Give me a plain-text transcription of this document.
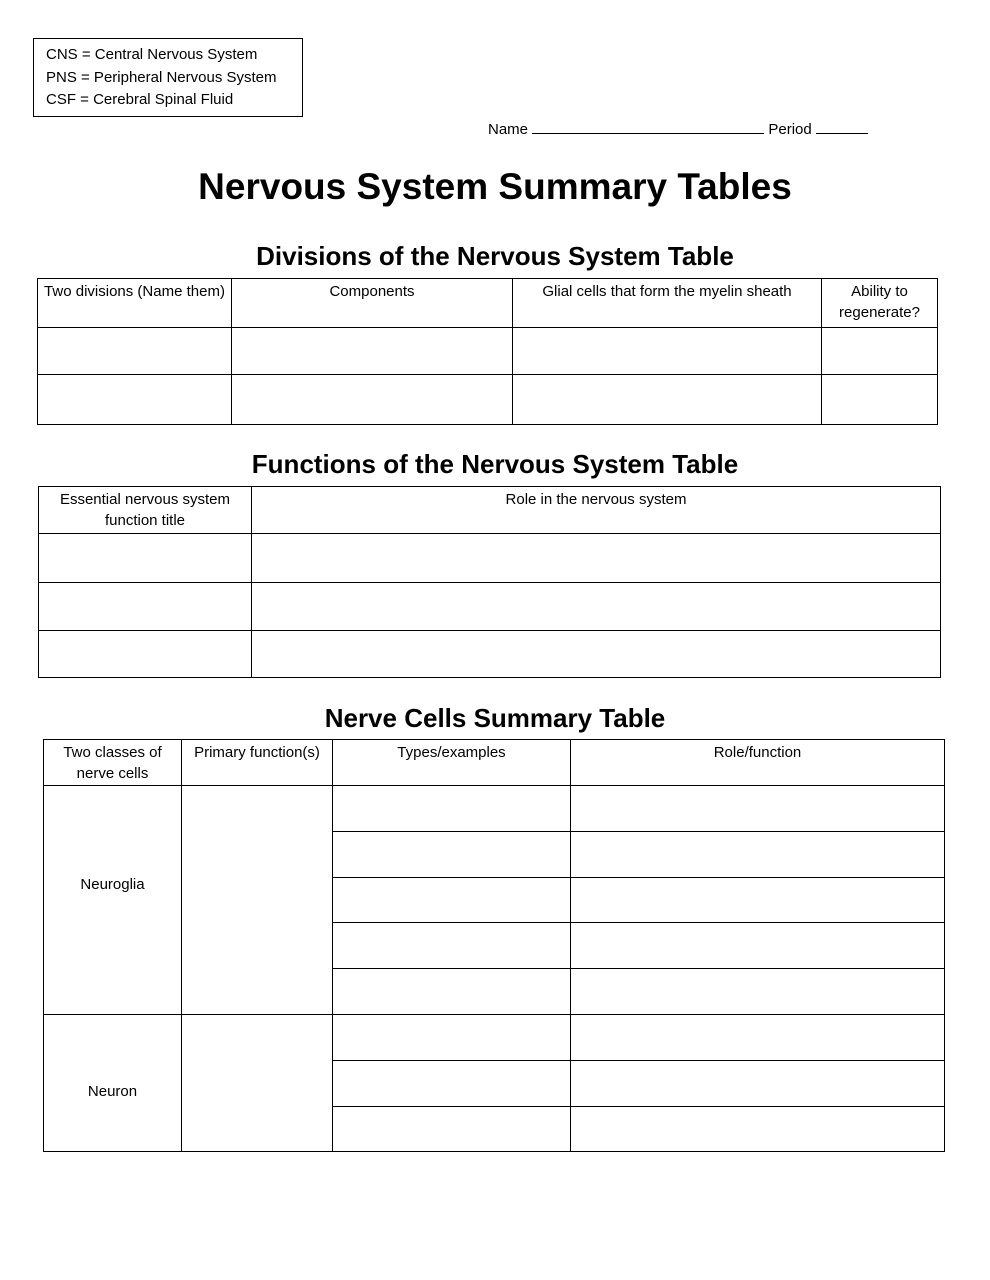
CNS = Central Nervous System
PNS = Peripheral Nervous System
CSF = Cerebral Spinal Fluid
Name	Period
Nervous System Summary Tables
Divisions of the Nervous System Table
Two divisions (Name them)	Components	Glial cells that form the myelin sheath	Ability to regenerate?

Functions of the Nervous System Table
Essential nervous system function title	Role in the nervous system

Nerve Cells Summary Table
Two classes of nerve cells	Primary function(s)	Types/examples	Role/function
Neuroglia			

Neuron			
